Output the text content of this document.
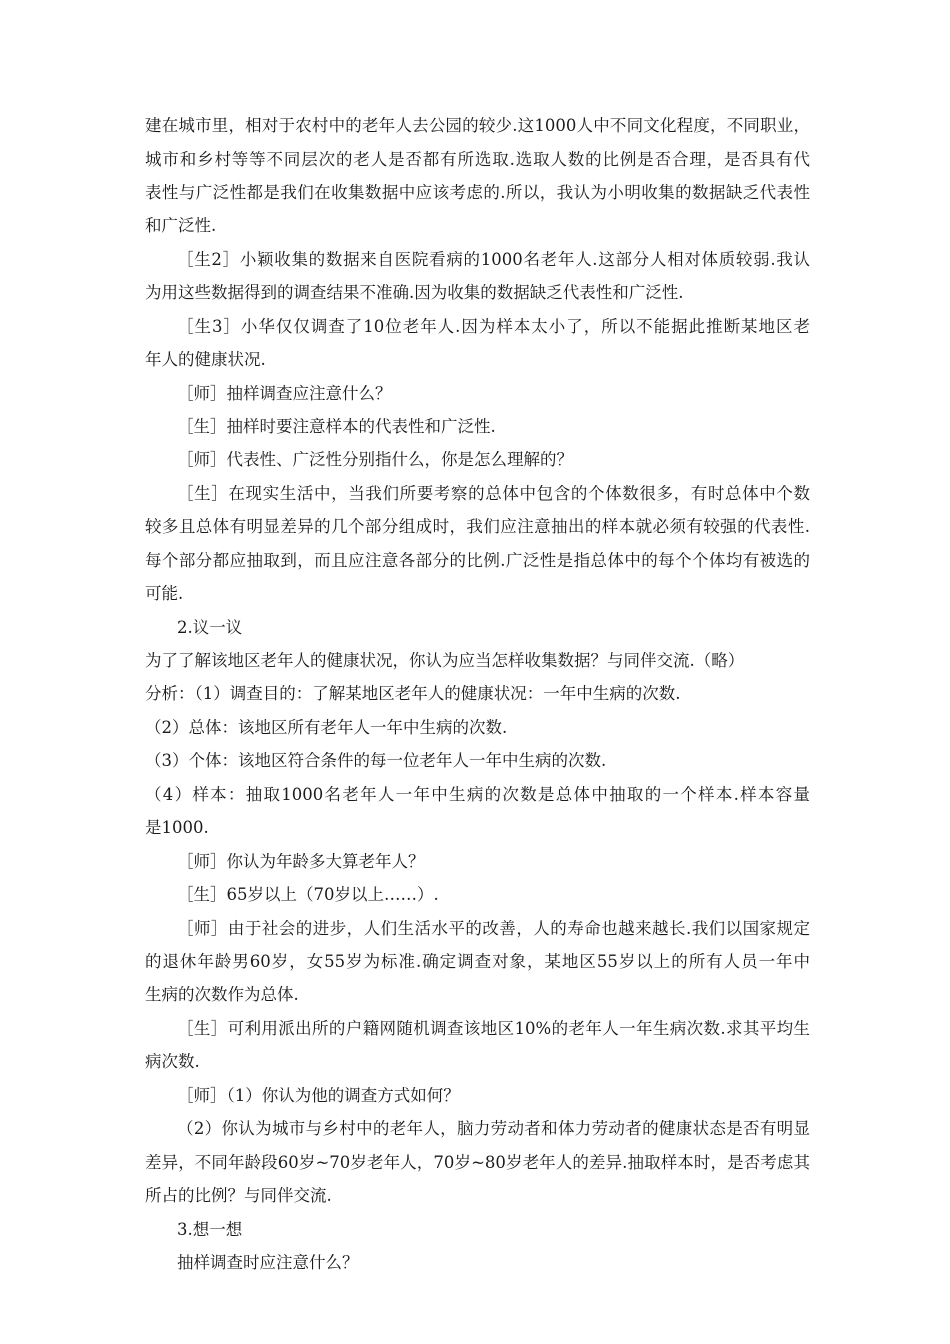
建在城市里，相对于农村中的老年人去公园的较少.这1000人中不同文化程度，不同职业，
城市和乡村等等不同层次的老人是否都有所选取.选取人数的比例是否合理，是否具有代
表性与广泛性都是我们在收集数据中应该考虑的.所以，我认为小明收集的数据缺乏代表性
和广泛性.
［生2］小颖收集的数据来自医院看病的1000名老年人.这部分人相对体质较弱.我认
为用这些数据得到的调查结果不准确.因为收集的数据缺乏代表性和广泛性.
［生3］小华仅仅调查了10位老年人.因为样本太小了，所以不能据此推断某地区老
年人的健康状况.
［师］抽样调查应注意什么？
［生］抽样时要注意样本的代表性和广泛性.
［师］代表性、广泛性分别指什么，你是怎么理解的？
［生］在现实生活中，当我们所要考察的总体中包含的个体数很多，有时总体中个数
较多且总体有明显差异的几个部分组成时，我们应注意抽出的样本就必须有较强的代表性.
每个部分都应抽取到，而且应注意各部分的比例.广泛性是指总体中的每个个体均有被选的
可能.
2.议一议
为了了解该地区老年人的健康状况，你认为应当怎样收集数据？与同伴交流.（略）
分析：（1）调查目的：了解某地区老年人的健康状况：一年中生病的次数.
（2）总体：该地区所有老年人一年中生病的次数.
（3）个体：该地区符合条件的每一位老年人一年中生病的次数.
（4）样本：抽取1000名老年人一年中生病的次数是总体中抽取的一个样本.样本容量
是1000.
［师］你认为年龄多大算老年人？
［生］65岁以上（70岁以上……）.
［师］由于社会的进步，人们生活水平的改善，人的寿命也越来越长.我们以国家规定
的退休年龄男60岁，女55岁为标准.确定调查对象，某地区55岁以上的所有人员一年中
生病的次数作为总体.
［生］可利用派出所的户籍网随机调查该地区10%的老年人一年生病次数.求其平均生
病次数.
［师］（1）你认为他的调查方式如何？
（2）你认为城市与乡村中的老年人，脑力劳动者和体力劳动者的健康状态是否有明显
差异，不同年龄段60岁~70岁老年人，70岁~80岁老年人的差异.抽取样本时，是否考虑其
所占的比例？与同伴交流.
3.想一想
抽样调查时应注意什么？
